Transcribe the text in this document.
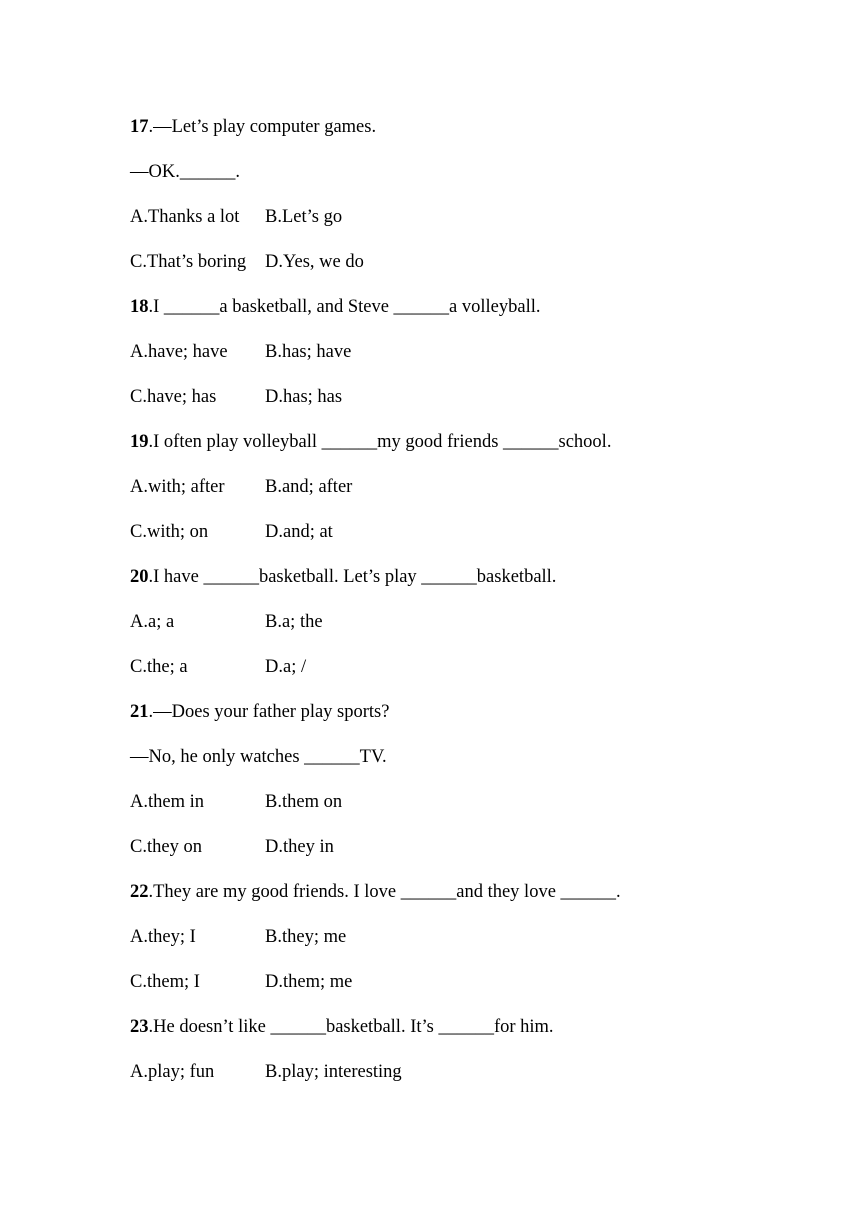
17.—Let’s play computer games.
—OK.______.
A.Thanks a lot B.Let’s go
C.That’s boring D.Yes, we do
18.I ______a basketball, and Steve ______a volleyball.
A.have; have B.has; have
C.have; has	D.has; has
19.I often play volleyball ______my good friends ______school.
A.with; after B.and; after
C.with; on	D.and; at
20.I have ______basketball. Let’s play ______basketball.
A.a; a	B.a; the
C.the; a	D.a; /
21.—Does your father play sports?
—No, he only watches ______TV.
A.them in	B.them on
C.they on	D.they in
22.They are my good friends. I love ______and they love ______.
A.they; I	B.they; me
C.them; I	D.them; me
23.He doesn’t like ______basketball. It’s ______for him.
A.play; fun	B.play; interesting
